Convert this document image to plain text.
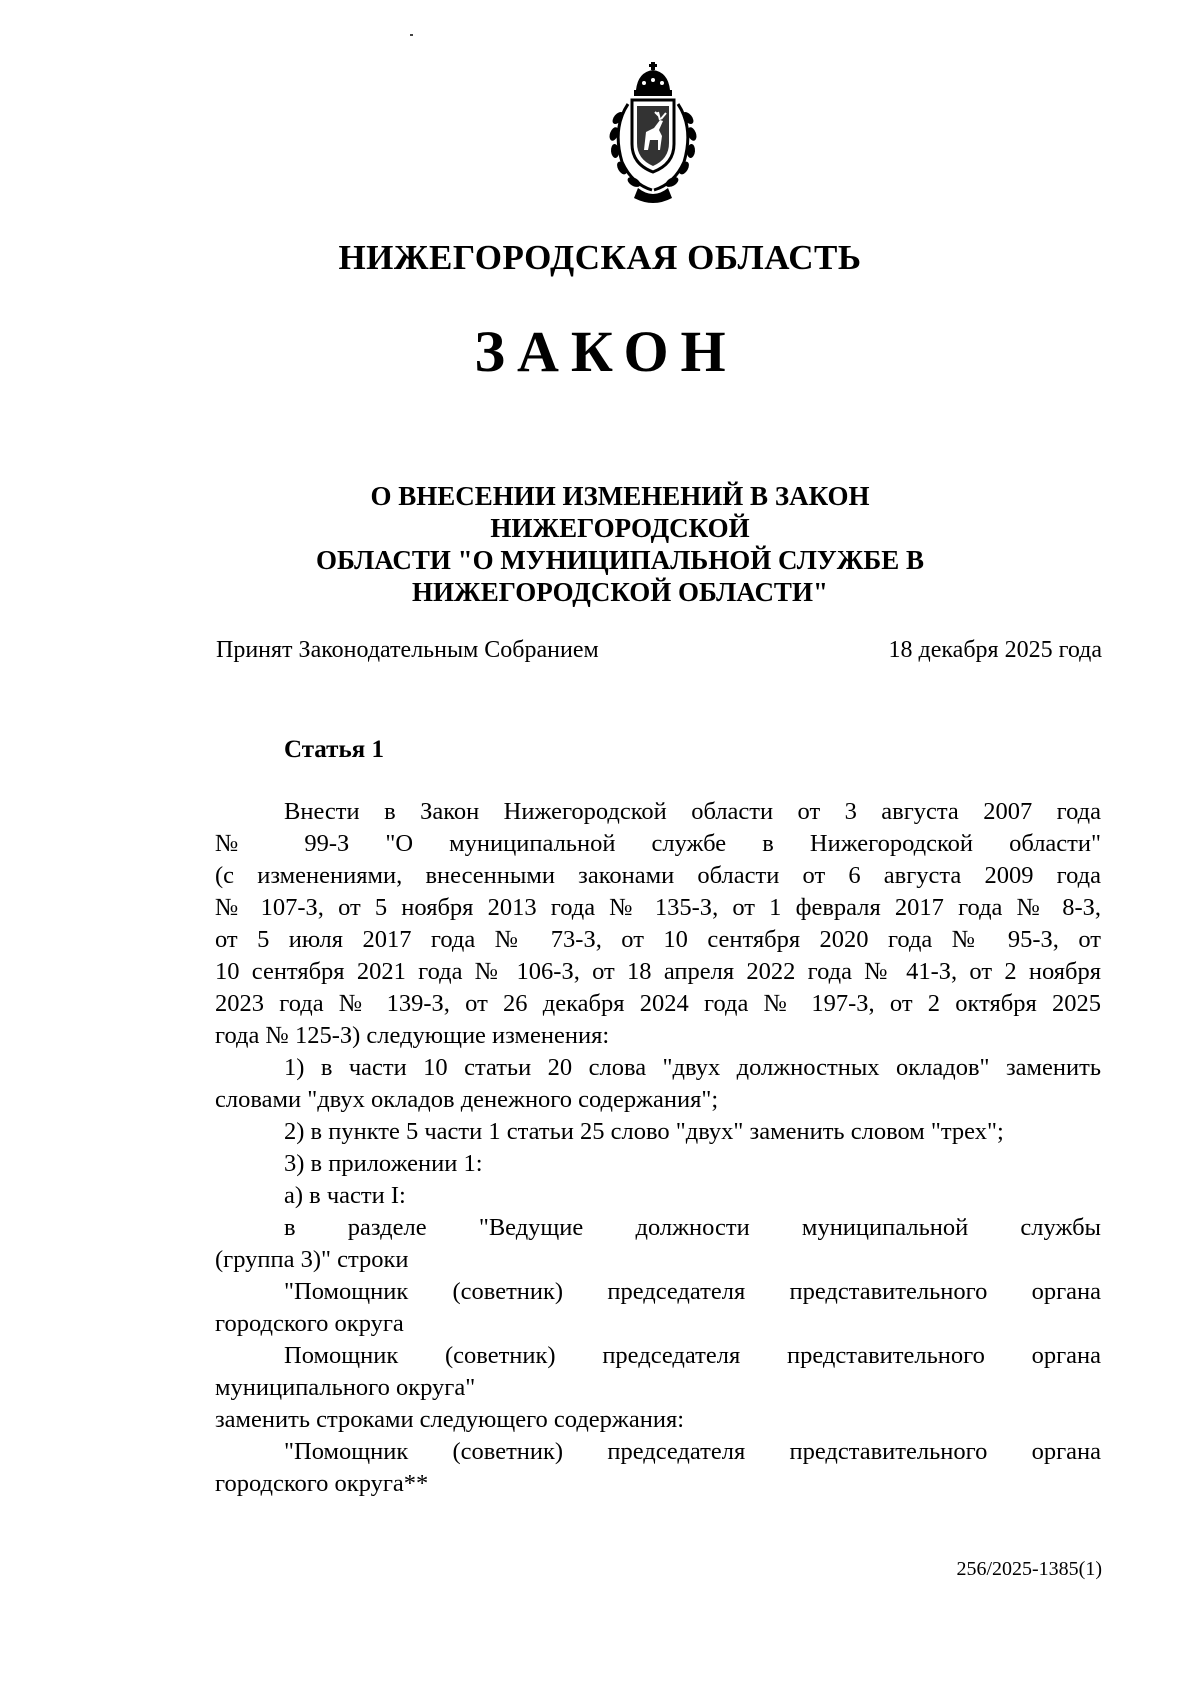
НИЖЕГОРОДСКАЯ ОБЛАСТЬ
ЗАКОН
О ВНЕСЕНИИ ИЗМЕНЕНИЙ В ЗАКОН НИЖЕГОРОДСКОЙ
ОБЛАСТИ "О МУНИЦИПАЛЬНОЙ СЛУЖБЕ В
НИЖЕГОРОДСКОЙ ОБЛАСТИ"
Принят Законодательным Собранием	18 декабря 2025 года
Статья 1

Внести в Закон Нижегородской области от 3 августа 2007 года

№ 99-З "О муниципальной службе в Нижегородской области"

(с изменениями, внесенными законами области от 6 августа 2009 года

№ 107-З, от 5 ноября 2013 года № 135-З, от 1 февраля 2017 года № 8-З,

от 5 июля 2017 года № 73-З, от 10 сентября 2020 года № 95-З, от

10 сентября 2021 года № 106-З, от 18 апреля 2022 года № 41-З, от 2 ноября

2023 года № 139-З, от 26 декабря 2024 года № 197-З, от 2 октября 2025

года № 125-З) следующие изменения:

1) в части 10 статьи 20 слова "двух должностных окладов" заменить

словами "двух окладов денежного содержания";

2) в пункте 5 части 1 статьи 25 слово "двух" заменить словом "трех";

3) в приложении 1:

а) в части I:

в разделе "Ведущие должности муниципальной службы

(группа 3)" строки

"Помощник (советник) председателя представительного органа

городского округа

Помощник (советник) председателя представительного органа

муниципального округа"

заменить строками следующего содержания:

"Помощник (советник) председателя представительного органа

городского округа**

256/2025-1385(1)
